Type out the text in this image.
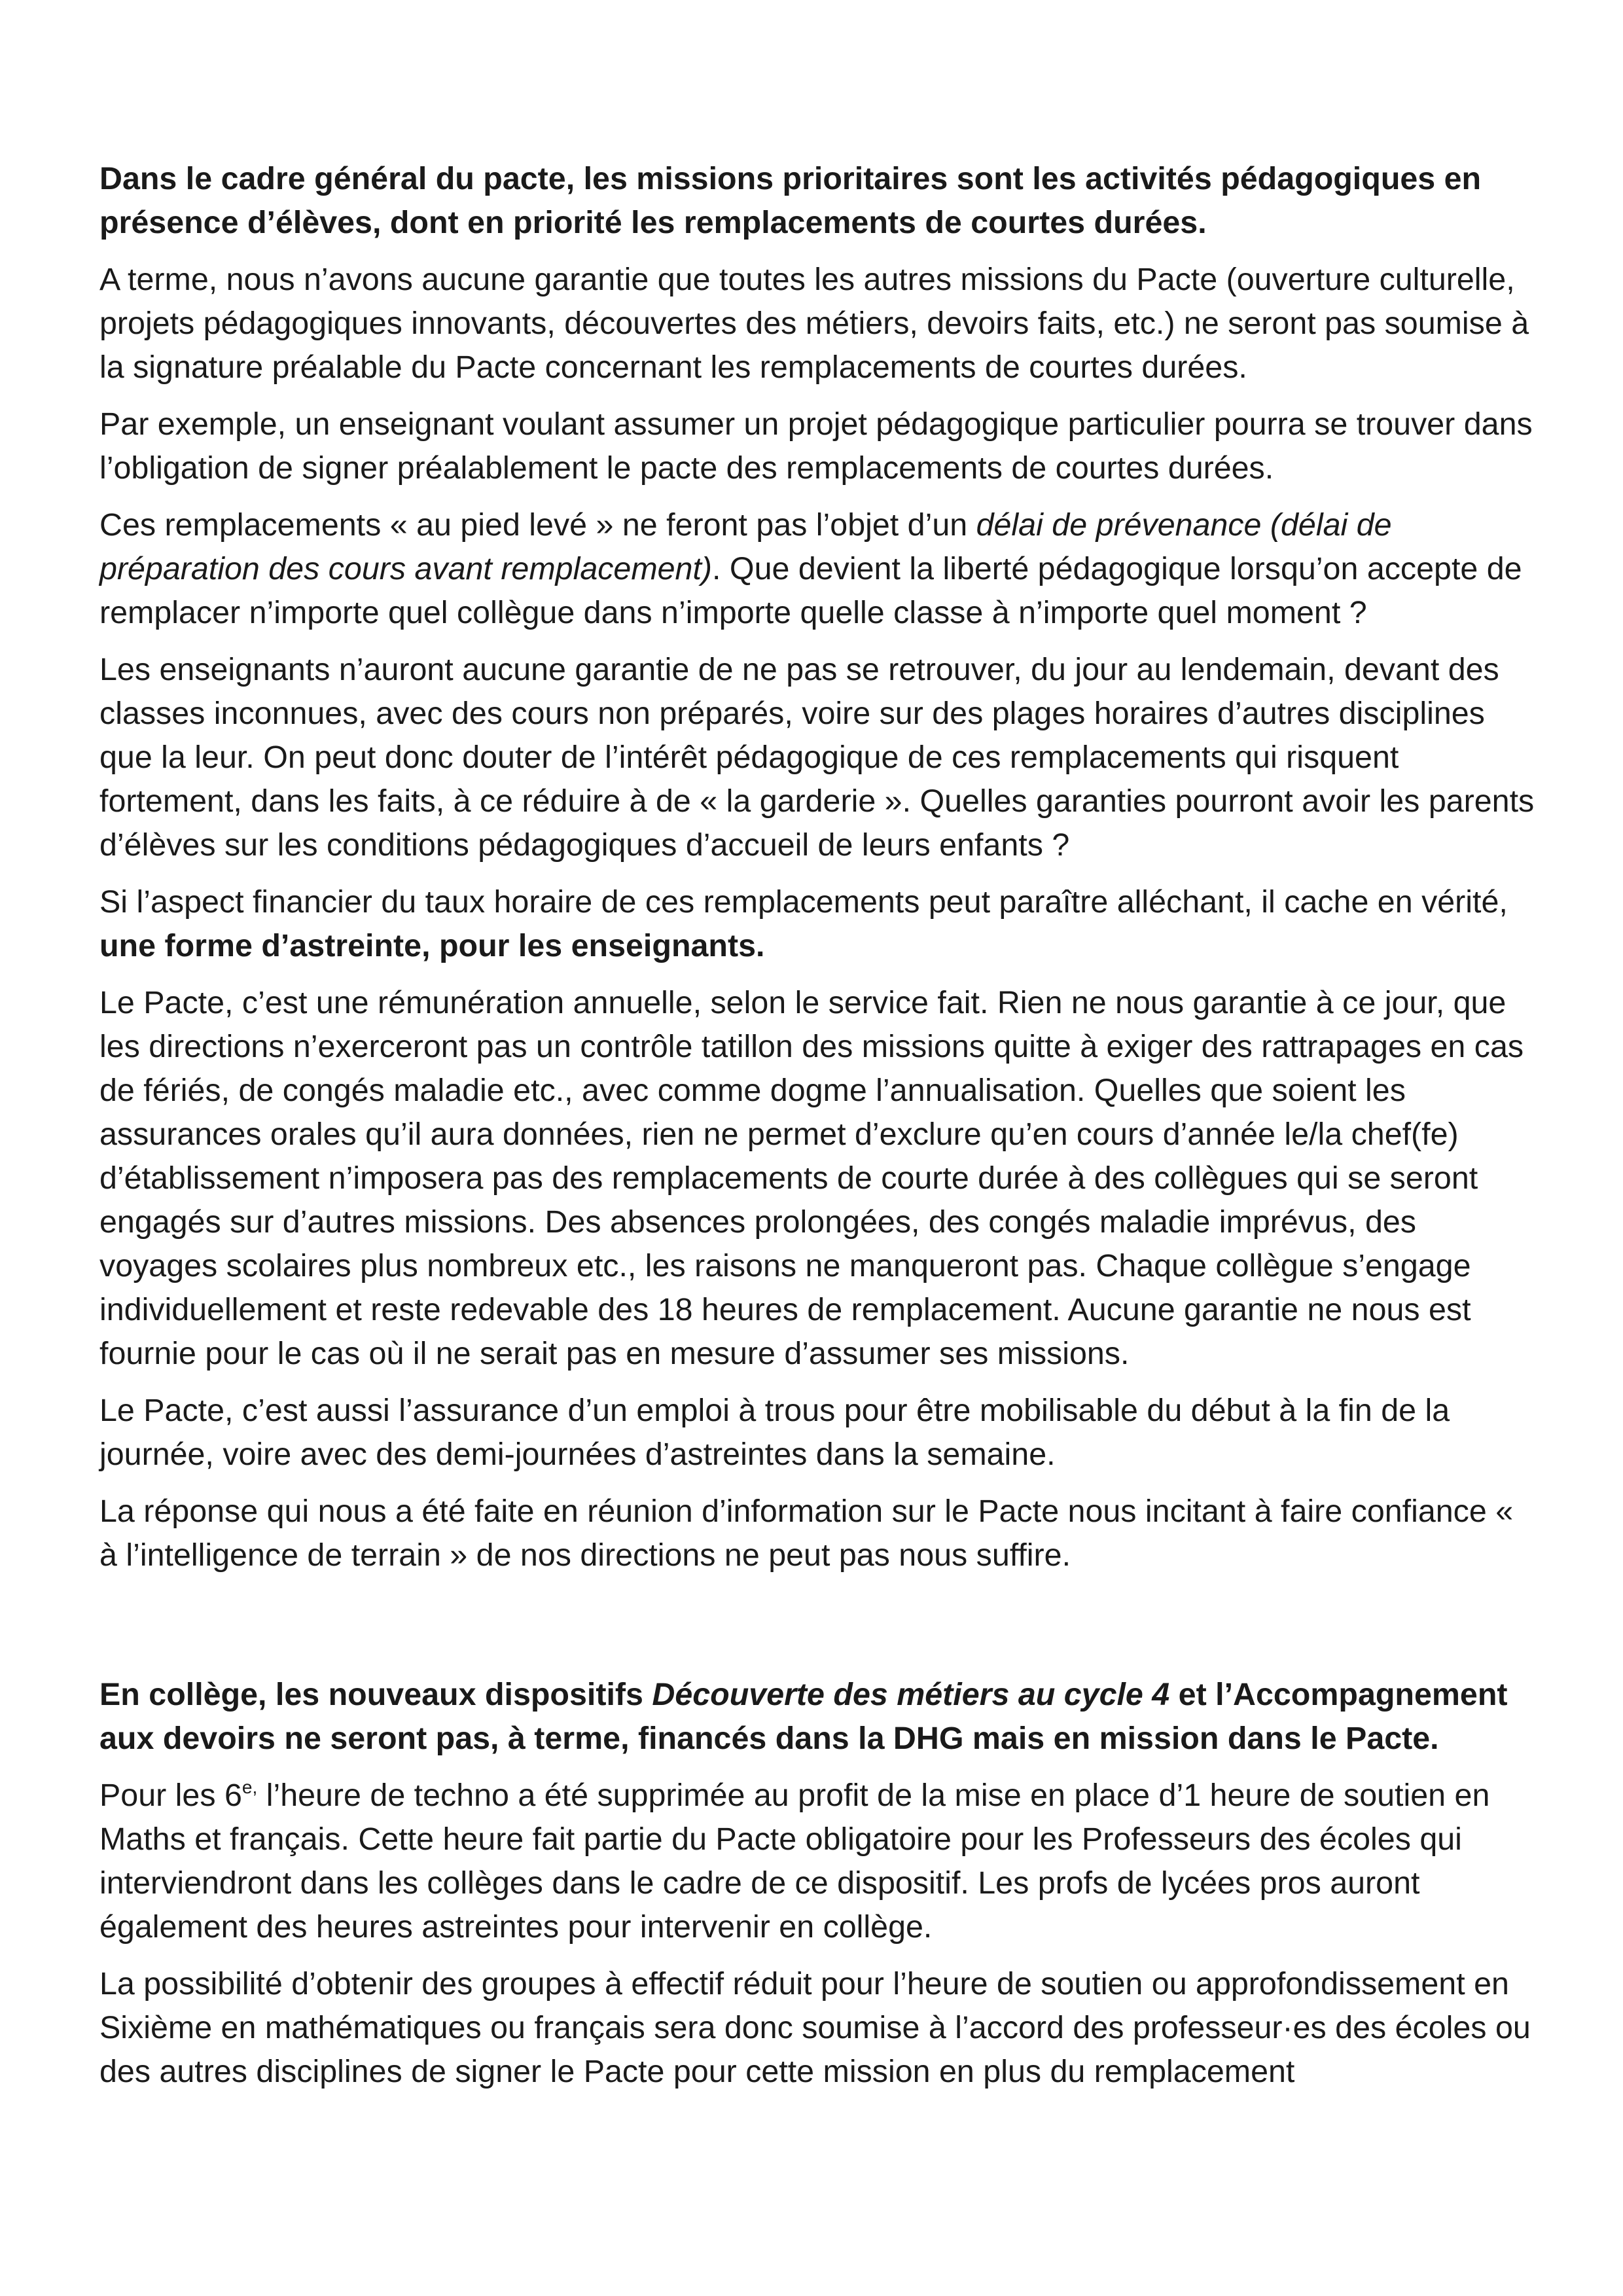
Dans le cadre général du pacte, les missions prioritaires sont les activités pédagogiques en présence d’élèves, dont en priorité les remplacements de courtes durées.

A terme, nous n’avons aucune garantie que toutes les autres missions du Pacte (ouverture culturelle, projets pédagogiques innovants, découvertes des métiers, devoirs faits, etc.) ne seront pas soumise à la signature préalable du Pacte concernant les remplacements de courtes durées.

Par exemple, un enseignant voulant assumer un projet pédagogique particulier pourra se trouver dans l’obligation de signer préalablement le pacte des remplacements de courtes durées.

Ces remplacements « au pied levé » ne feront pas l’objet d’un délai de prévenance (délai de préparation des cours avant remplacement). Que devient la liberté pédagogique lorsqu’on accepte de remplacer n’importe quel collègue dans n’importe quelle classe à n’importe quel moment ?

Les enseignants n’auront aucune garantie de ne pas se retrouver, du jour au lendemain, devant des classes inconnues, avec des cours non préparés, voire sur des plages horaires d’autres disciplines que la leur. On peut donc douter de l’intérêt pédagogique de ces remplacements qui risquent fortement, dans les faits, à ce réduire à de « la garderie ». Quelles garanties pourront avoir les parents d’élèves sur les conditions pédagogiques d’accueil de leurs enfants ?

Si l’aspect financier du taux horaire de ces remplacements peut paraître alléchant, il cache en vérité, une forme d’astreinte, pour les enseignants.

Le Pacte, c’est une rémunération annuelle, selon le service fait. Rien ne nous garantie à ce jour, que les directions n’exerceront pas un contrôle tatillon des missions quitte à exiger des rattrapages en cas de fériés, de congés maladie etc., avec comme dogme l’annualisation. Quelles que soient les assurances orales qu’il aura données, rien ne permet d’exclure qu’en cours d’année le/la chef(fe) d’établissement n’imposera pas des remplacements de courte durée à des collègues qui se seront engagés sur d’autres missions. Des absences prolongées, des congés maladie imprévus, des voyages scolaires plus nombreux etc., les raisons ne manqueront pas. Chaque collègue s’engage individuellement et reste redevable des 18 heures de remplacement. Aucune garantie ne nous est fournie pour le cas où il ne serait pas en mesure d’assumer ses missions.

Le Pacte, c’est aussi l’assurance d’un emploi à trous pour être mobilisable du début à la fin de la journée, voire avec des demi-journées d’astreintes dans la semaine.

La réponse qui nous a été faite en réunion d’information sur le Pacte nous incitant à faire confiance « à l’intelligence de terrain » de nos directions ne peut pas nous suffire.

En collège, les nouveaux dispositifs Découverte des métiers au cycle 4 et l’Accompagnement aux devoirs ne seront pas, à terme, financés dans la DHG mais en mission dans le Pacte.

Pour les $6^{e,}$ l’heure de techno a été supprimée au profit de la mise en place d’1 heure de soutien en Maths et français. Cette heure fait partie du Pacte obligatoire pour les Professeurs des écoles qui interviendront dans les collèges dans le cadre de ce dispositif. Les profs de lycées pros auront également des heures astreintes pour intervenir en collège.

La possibilité d’obtenir des groupes à effectif réduit pour l’heure de soutien ou approfondissement en Sixième en mathématiques ou français sera donc soumise à l’accord des professeur·es des écoles ou des autres disciplines de signer le Pacte pour cette mission en plus du remplacement
